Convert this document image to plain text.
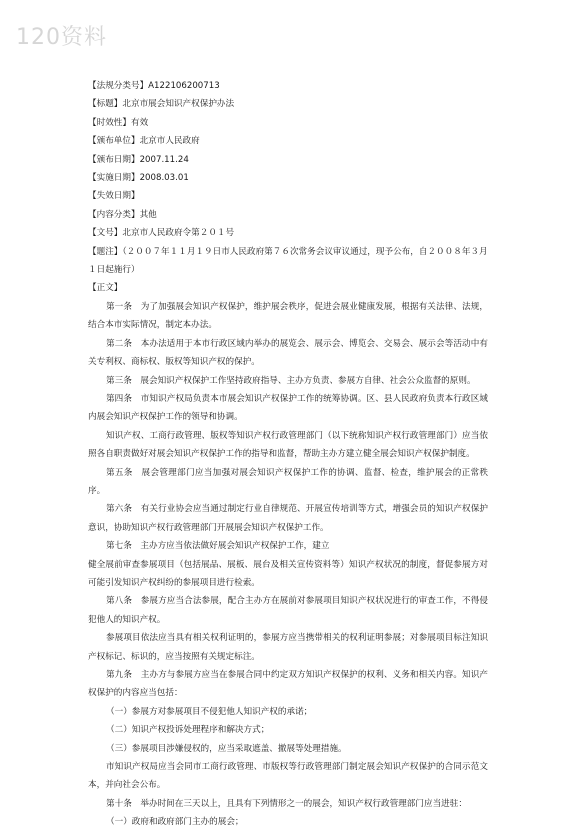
120资料
【法规分类号】A122106200713
【标题】北京市展会知识产权保护办法
【时效性】有效
【颁布单位】北京市人民政府
【颁布日期】2007.11.24
【实施日期】2008.03.01
【失效日期】
【内容分类】其他
【文号】北京市人民政府令第２０１号
【题注】（２００７年１１月１９日市人民政府第７６次常务会议审议通过，现予公布，自２００８年３月１日起施行）
【正文】

第一条　为了加强展会知识产权保护，维护展会秩序，促进会展业健康发展，根据有关法律、法规，结合本市实际情况，制定本办法。

第二条　本办法适用于本市行政区域内举办的展览会、展示会、博览会、交易会、展示会等活动中有关专利权、商标权、版权等知识产权的保护。

第三条　展会知识产权保护工作坚持政府指导、主办方负责、参展方自律、社会公众监督的原则。

第四条　市知识产权局负责本市展会知识产权保护工作的统筹协调。区、县人民政府负责本行政区域内展会知识产权保护工作的领导和协调。

知识产权、工商行政管理、版权等知识产权行政管理部门（以下统称知识产权行政管理部门）应当依照各自职责做好对展会知识产权保护工作的指导和监督，帮助主办方建立健全展会知识产权保护制度。

第五条　展会管理部门应当加强对展会知识产权保护工作的协调、监督、检查，维护展会的正常秩序。

第六条　有关行业协会应当通过制定行业自律规范、开展宣传培训等方式，增强会员的知识产权保护意识，协助知识产权行政管理部门开展展会知识产权保护工作。

第七条　主办方应当依法做好展会知识产权保护工作，建立

健全展前审查参展项目（包括展品、展板、展台及相关宣传资料等）知识产权状况的制度，督促参展方对可能引发知识产权纠纷的参展项目进行检索。

第八条　参展方应当合法参展，配合主办方在展前对参展项目知识产权状况进行的审查工作，不得侵犯他人的知识产权。

参展项目依法应当具有相关权利证明的，参展方应当携带相关的权利证明参展；对参展项目标注知识产权标记、标识的，应当按照有关规定标注。

第九条　主办方与参展方应当在参展合同中约定双方知识产权保护的权利、义务和相关内容。知识产权保护的内容应当包括：

（一）参展方对参展项目不侵犯他人知识产权的承诺；

（二）知识产权投诉处理程序和解决方式；

（三）参展项目涉嫌侵权的，应当采取遮盖、撤展等处理措施。

市知识产权局应当会同市工商行政管理、市版权等行政管理部门制定展会知识产权保护的合同示范文本，并向社会公布。

第十条　举办时间在三天以上，且具有下列情形之一的展会，知识产权行政管理部门应当进驻：

（一）政府和政府部门主办的展会；
